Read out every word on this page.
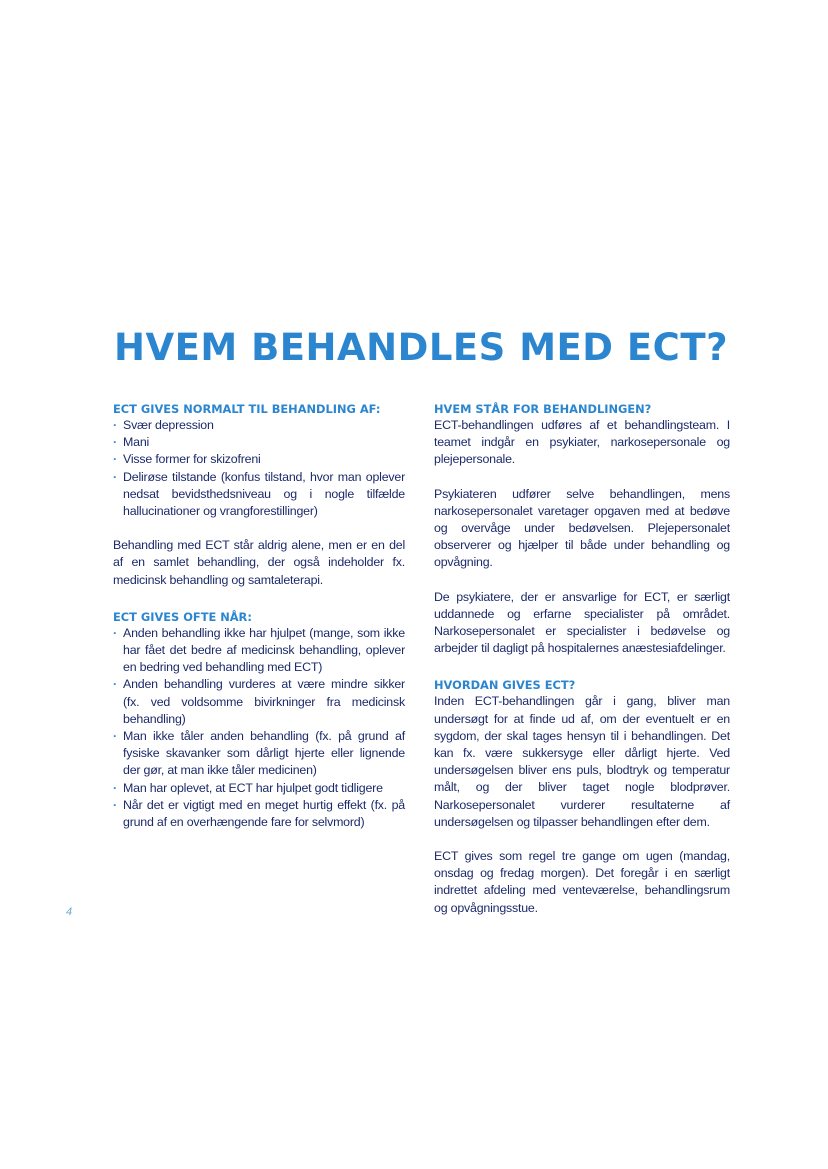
HVEM BEHANDLES MED ECT?
ECT GIVES NORMALT TIL BEHANDLING AF:
· Svær depression
· Mani
· Visse former for skizofreni
· Delirøse tilstande (konfus tilstand, hvor man oplever nedsat bevidsthedsniveau og i nogle tilfælde hallucinationer og vrangforestillinger)

Behandling med ECT står aldrig alene, men er en del af en samlet behandling, der også indeholder fx. medicinsk behandling og samtaleterapi.

ECT GIVES OFTE NÅR:
· Anden behandling ikke har hjulpet (mange, som ikke har fået det bedre af medicinsk behandling, oplever en bedring ved behandling med ECT)
· Anden behandling vurderes at være mindre sikker (fx. ved voldsomme bivirkninger fra medicinsk behandling)
· Man ikke tåler anden behandling (fx. på grund af fysiske skavanker som dårligt hjerte eller lignende der gør, at man ikke tåler medicinen)
· Man har oplevet, at ECT har hjulpet godt tidligere
· Når det er vigtigt med en meget hurtig effekt (fx. på grund af en overhængende fare for selvmord)
HVEM STÅR FOR BEHANDLINGEN?

ECT-behandlingen udføres af et behandlingsteam. I teamet indgår en psykiater, narkosepersonale og plejepersonale.

Psykiateren udfører selve behandlingen, mens narkosepersonalet varetager opgaven med at bedøve og overvåge under bedøvelsen. Plejepersonalet observerer og hjælper til både under behandling og opvågning.

De psykiatere, der er ansvarlige for ECT, er særligt uddannede og erfarne specialister på området. Narkosepersonalet er specialister i bedøvelse og arbejder til dagligt på hospitalernes anæstesiafdelinger.

HVORDAN GIVES ECT?

Inden ECT-behandlingen går i gang, bliver man undersøgt for at finde ud af, om der eventuelt er en sygdom, der skal tages hensyn til i behandlingen. Det kan fx. være sukkersyge eller dårligt hjerte. Ved undersøgelsen bliver ens puls, blodtryk og temperatur målt, og der bliver taget nogle blodprøver. Narkosepersonalet vurderer resultaterne af undersøgelsen og tilpasser behandlingen efter dem.

ECT gives som regel tre gange om ugen (mandag, onsdag og fredag morgen). Det foregår i en særligt indrettet afdeling med venteværelse, behandlingsrum og opvågningsstue.

4
